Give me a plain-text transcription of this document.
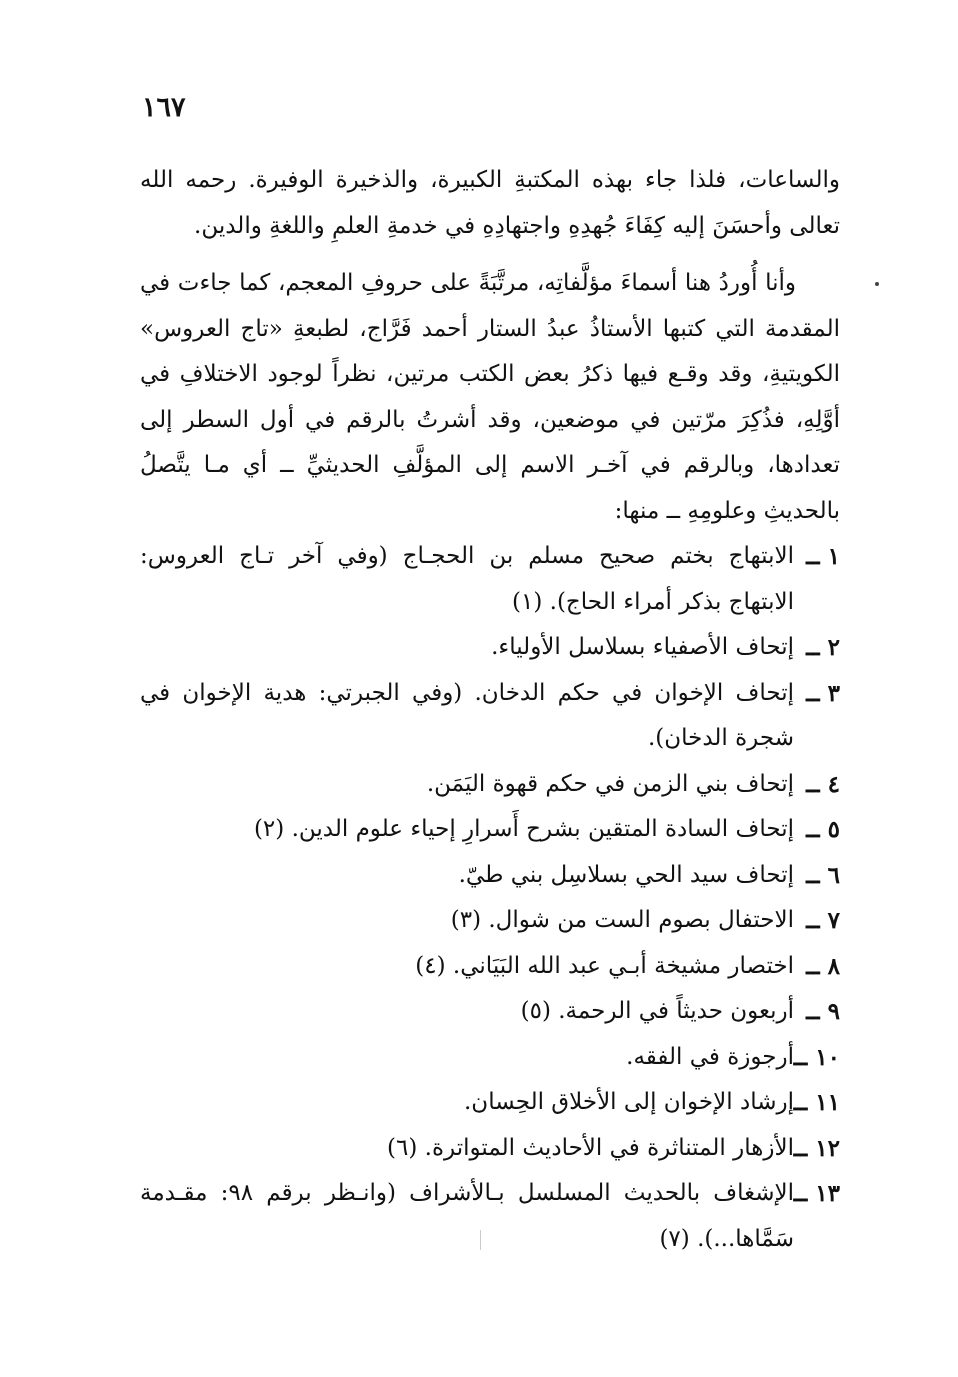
١٦٧

والساعات، فلذا جاء بهذه المكتبةِ الكبيرة، والذخيرة الوفيرة. رحمه الله تعالى وأحسَنَ إليه كِفَاءَ جُهدِهِ واجتهادِهِ في خدمةِ العلمِ واللغةِ والدين.

وأنا أُوردُ هنا أسماءَ مؤلَّفاتِه، مرتَّبَةً على حروفِ المعجم، كما جاءت في المقدمة التي كتبها الأستاذُ عبدُ الستار أحمد فَرَّاج، لطبعةِ «تاج العروس» الكويتيةِ، وقد وقـع فيها ذكرُ بعض الكتب مرتين، نظراً لوجود الاختلافِ في أوَّلِهِ، فذُكِرَ مرّتين في موضعين، وقد أشرتُ بالرقم في أول السطر إلى تعدادها، وبالرقم في آخـر الاسم إلى المؤلَّفِ الحديثيِّ ــ أي مـا يتَّصلُ بالحديثِ وعلومِهِ ــ منها:

١ ــ
الابتهاج بختم صحيح مسلم بن الحجـاج (وفي آخر تـاج العروس: الابتهاج بذكر أمراء الحاج). (١)
٢ ــ
إتحاف الأصفياء بسلاسل الأولياء.
٣ ــ
إتحاف الإخوان في حكم الدخان. (وفي الجبرتي: هدية الإخوان في شجرة الدخان).
٤ ــ
إتحاف بني الزمن في حكم قهوة اليَمَن.
٥ ــ
إتحاف السادة المتقين بشرح أَسرارِ إحياء علوم الدين. (٢)
٦ ــ
إتحاف سيد الحي بسلاسِل بني طيّ.
٧ ــ
الاحتفال بصوم الست من شوال. (٣)
٨ ــ
اختصار مشيخة أبـي عبد الله البَيَاني. (٤)
٩ ــ
أربعون حديثاً في الرحمة. (٥)
١٠ ــ
أرجوزة في الفقه.
١١ ــ
إرشاد الإخوان إلى الأخلاق الحِسان.
١٢ ــ
الأزهار المتناثرة في الأحاديث المتواترة. (٦)
١٣ ــ
الإشغاف بالحديث المسلسل بـالأشراف (وانـظر برقم ٩٨: مقـدمة سَمَّاها...). (٧)
